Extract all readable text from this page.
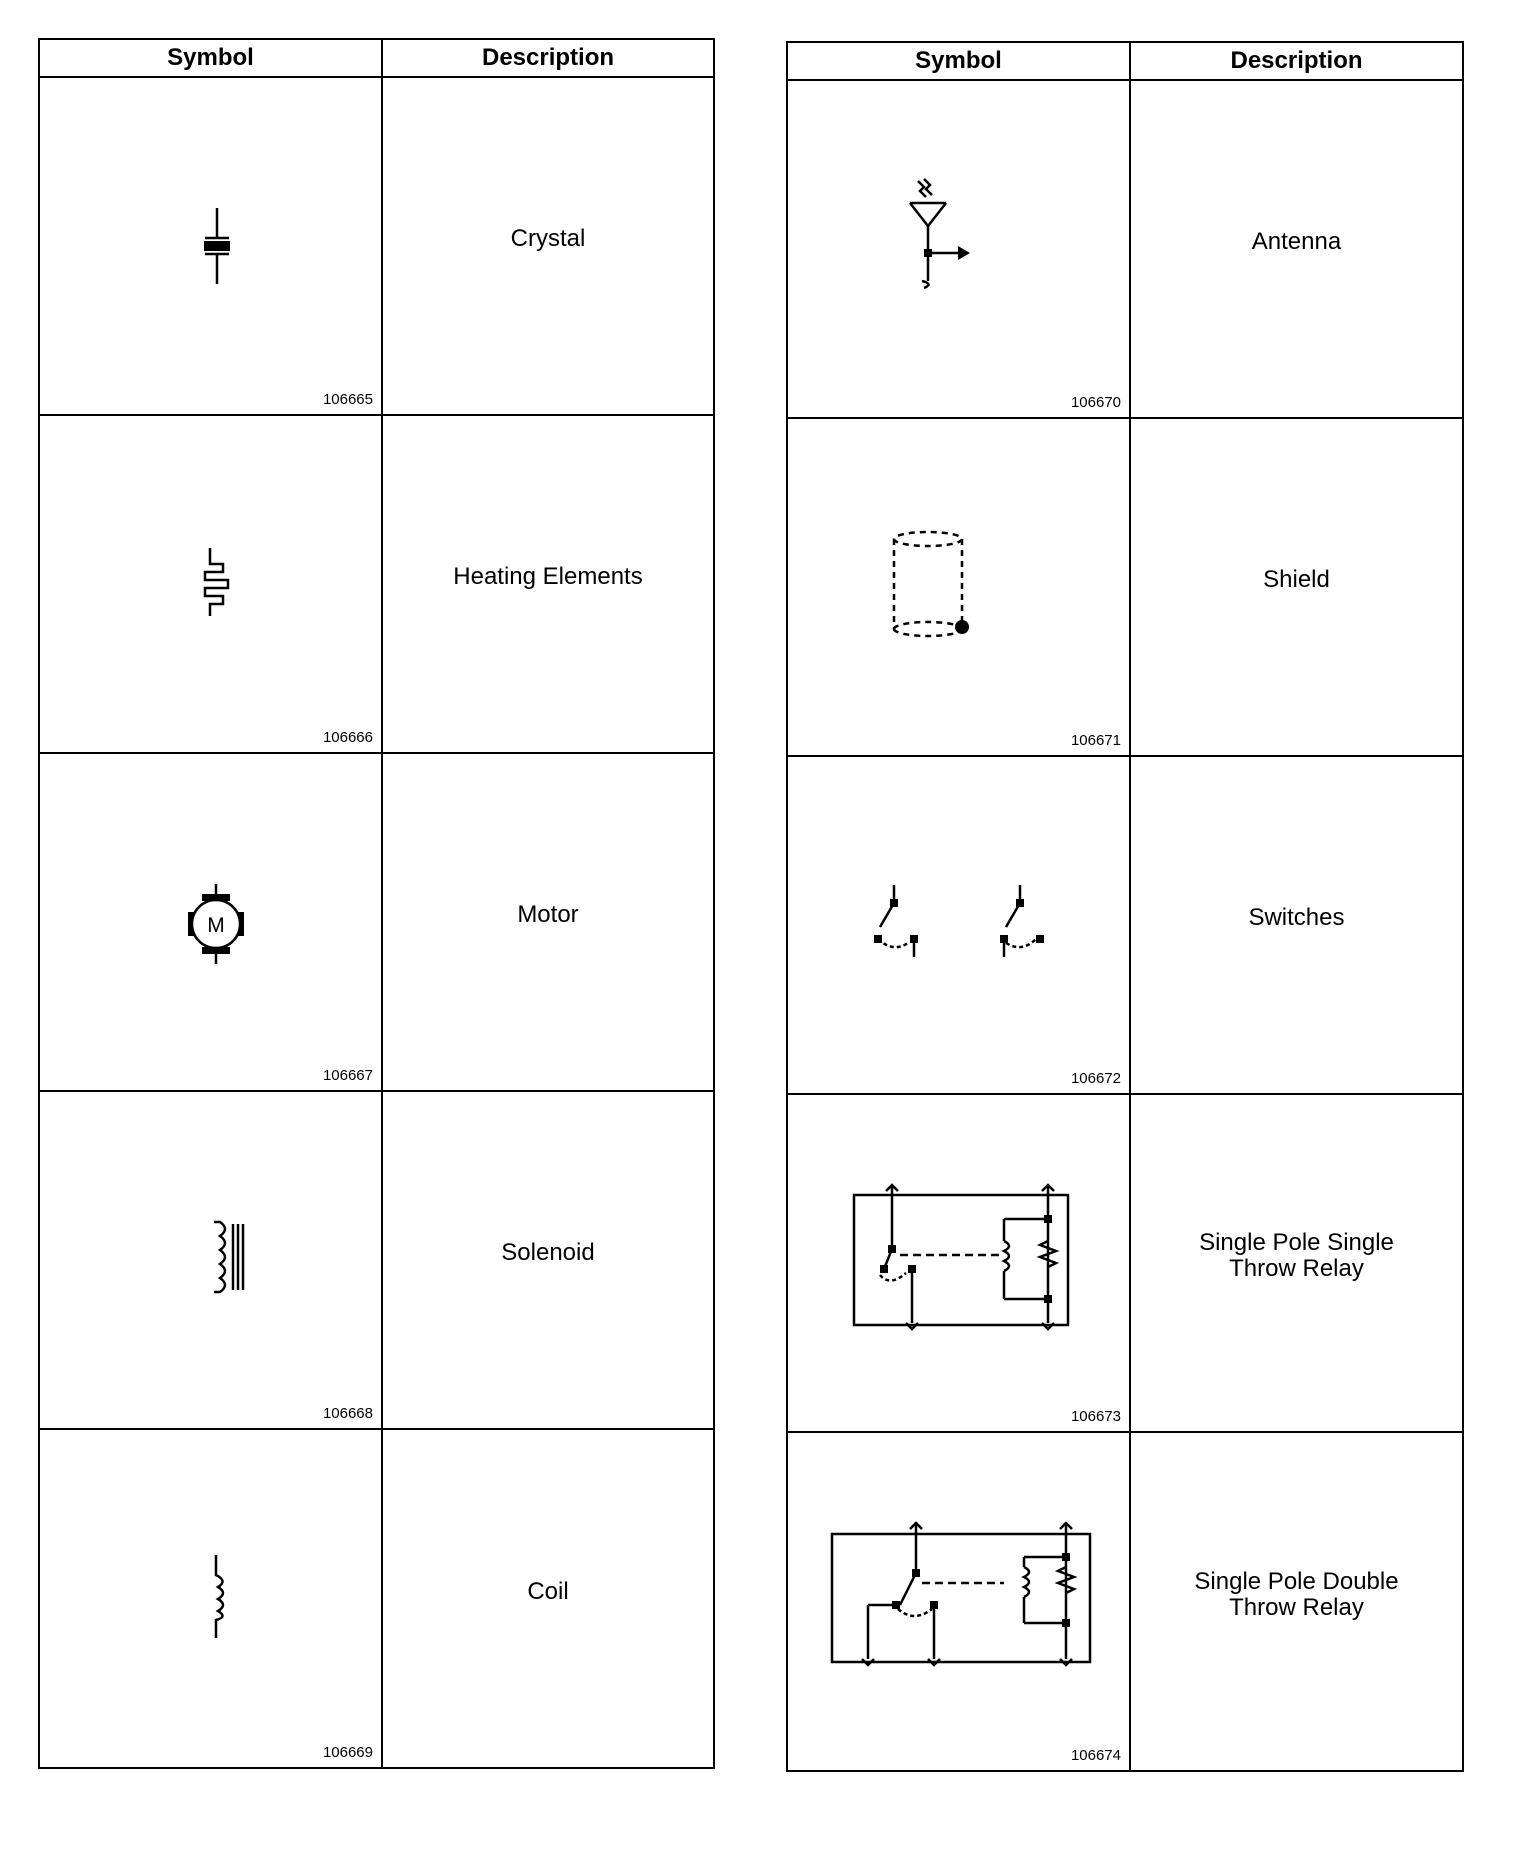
Symbol	Description
106665
Crystal
106666
Heating Elements
M
106667
Motor
106668
Solenoid
106669
Coil
Symbol	Description
106670
Antenna
106671
Shield
106672
Switches
106673
Single Pole Single
Throw Relay
106674
Single Pole Double
Throw Relay
